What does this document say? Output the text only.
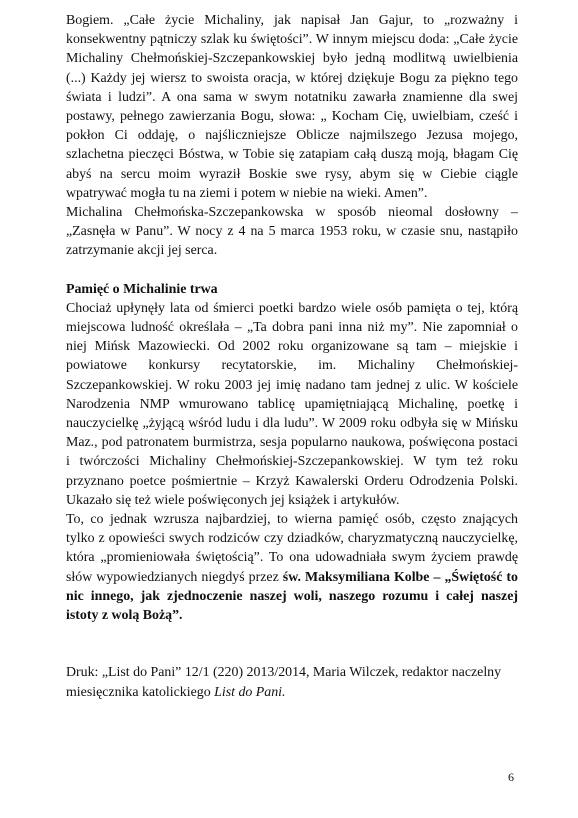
Bogiem. „Całe życie Michaliny, jak napisał Jan Gajur, to „rozważny i konsekwentny pątniczy szlak ku świętości”. W innym miejscu doda: „Całe życie Michaliny Chełmońskiej-Szczepankowskiej było jedną modlitwą uwielbienia (...) Każdy jej wiersz to swoista oracja, w której dziękuje Bogu za piękno tego świata i ludzi”. A ona sama w swym notatniku zawarła znamienne dla swej postawy, pełnego zawierzania Bogu, słowa: „ Kocham Cię, uwielbiam, cześć i pokłon Ci oddaję, o najśliczniejsze Oblicze najmilszego Jezusa mojego, szlachetna pieczęci Bóstwa, w Tobie się zatapiam całą duszą moją, błagam Cię abyś na sercu moim wyraził Boskie swe rysy, abym się w Ciebie ciągle wpatrywać mogła tu na ziemi i potem w niebie na wieki. Amen”.

Michalina Chełmońska-Szczepankowska w sposób nieomal dosłowny – „Zasnęła w Panu”. W nocy z 4 na 5 marca 1953 roku, w czasie snu, nastąpiło zatrzymanie akcji jej serca.

Pamięć o Michalinie trwa

Chociaż upłynęły lata od śmierci poetki bardzo wiele osób pamięta o tej, którą miejscowa ludność określała – „Ta dobra pani inna niż my”. Nie zapomniał o niej Mińsk Mazowiecki. Od 2002 roku organizowane są tam – miejskie i powiatowe konkursy recytatorskie, im. Michaliny Chełmońskiej-Szczepankowskiej. W roku 2003 jej imię nadano tam jednej z ulic. W kościele Narodzenia NMP wmurowano tablicę upamiętniającą Michalinę, poetkę i nauczycielkę „żyjącą wśród ludu i dla ludu”. W 2009 roku odbyła się w Mińsku Maz., pod patronatem burmistrza, sesja popularno naukowa, poświęcona postaci i twórczości Michaliny Chełmońskiej-Szczepankowskiej. W tym też roku przyznano poetce pośmiertnie – Krzyż Kawalerski Orderu Odrodzenia Polski. Ukazało się też wiele poświęconych jej książek i artykułów.

To, co jednak wzrusza najbardziej, to wierna pamięć osób, często znających tylko z opowieści swych rodziców czy dziadków, charyzmatyczną nauczycielkę, która „promieniowała świętością”. To ona udowadniała swym życiem prawdę słów wypowiedzianych niegdyś przez św. Maksymiliana Kolbe – „Świętość to nic innego, jak zjednoczenie naszej woli, naszego rozumu i całej naszej istoty z wolą Bożą”.

Druk: „List do Pani” 12/1 (220) 2013/2014, Maria Wilczek, redaktor naczelny miesięcznika katolickiego List do Pani.

6
